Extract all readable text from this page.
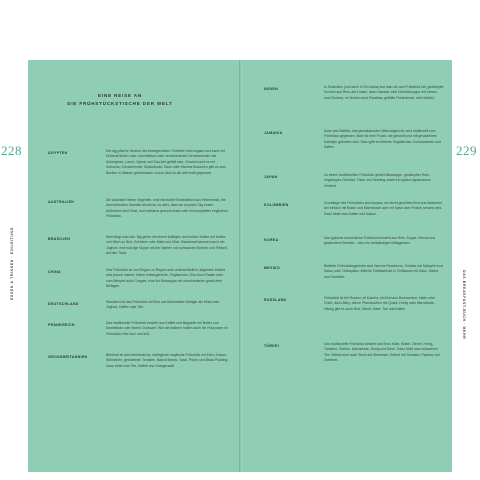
228	229
ESSEN & TRINKEN · EINLEITUNG
DAS BREAKFAST-BUCH · MEHR
EINE REISE AN
DIE FRÜHSTÜCKSTISCHE DER WELT
ÄGYPTEN	Der ägyptische Version des bewegendsten Omelette hold sogaen und kann mit Hülsenfrüchten oder Lammfleisch oder verschiedenen Gemüsesorten wie Auberginen, Lauch, Spinat und Zucchini gefüllt sein. Gewürzt wird es mit Kurkuma, Kreuzkümmel, Muskatnuss. Dazu oder frisches Brauchen gibt es zum Backen in Wasser geschlossen und so wird es als weit kraft gegessen.
AUSTRALIEN	Die Australier lieben Vegemite, eine herzhafte Brotaufstrich aus Hefeextrakt, die dem britischen Marmite ähnelt ist, es aber, dass sie es jeden Tag essen. Außerdem sind Obst, und meistens gesund essen sich ein komplettes englisches Frühstück.
BRASILIEN	Man fängt man den Tag gerne mit einem kräftigen und heißen Kaffee mit Kaffee und Milch zu Brot, Schinken oder Käse und Obst. Manchmal kommen auch ein Joghurt, eine würzige Suppe mit der Namen von schwarzen Bohnen und Fleisch, auf den Tisch.
CHINA	Das Frühstück ist von Region zu Region sehr unterschiedlich, allgemein beliebt sind jedoch warme, kleine Imbissgerichte, Teigtaschen, Dim-Sum-Fladen oder zum Beispiel auch Congee, eine Art Reissuppe mit verschiedenen gewürzten Beilagen.
DEUTSCHLAND	Wurstbrot ist das Frühstück mit Brot und Marmelade häufiger als Müsli oder Joghurt, Kaffee oder Tee.
FRANKREICH	Das traditionelle Frühstück besteht aus Kaffee und Baguette mit Butter und Marmelade oder einem Croissant. Wie die Italiener halten auch die Franzosen ihr Frühstück eher kurz und süß.
GROSSBRITANNIEN	Berühmt ist das bekömmliche, kräftigende englische Frühstück mit Eiern, Bacon, Würstchen, gebratenen Tomaten, Baked Beans, Toast, Pilzen und Black Pudding. Dazu trinkt man Tee, Kaffee und Orangensaft.
INDIEN	In Südindien (und auch in Sri Lanka) isst man oft zum Frühstück Idli, gedämpfte Kuchen aus Reis und Linsen, dazu Sambar, eine Gemüsesuppe mit Linsen, und Chutney. Im Norden sind Parathas, gefüllte Fladenbrote, sehr beliebt.
JAMAIKA	Akee und Saltfish, das jamaikanische Nationalgericht, wird traditionell zum Frühstück gegessen. Akee ist eine Frucht, die gekocht und mit gesalzenem Kabeljau gebraten wird. Dazu gibt es frittierte Teigbällchen, Kochbananen und Kaffee.
JAPAN	Zu einem traditionellen Frühstück gehört Misosuppe, gedämpfter Reis, eingelegtes Gemüse, Fisch und Seetang sowie ein typisch japanisches Omelett.
KOLUMBIEN	Grundlage des Frühstücks sind Arepas, ein leicht gesüßtes Brot aus Maismehl, der einfach mit Butter und Marmelade oder mit Käse oder Fleisch serviert wird. Dazu trinkt man Kaffee und Kakao.
KOREA	Das typische koreanische Frühstück besteht aus Reis, Suppe, Kimchi und gewürztem Gemüse – also ein vollständiges Mittagessen.
MEXIKO	Beliebte Frühstücksgerichte sind Huevos Rancheros, Tortillas mit Spiegelei und Salsa, oder Chilaquiles, frittierte Tortillastücke in Chilisauce mit Käse, Sahne und Zwiebeln.
RUSSLAND	Frühstück ist bei Russen oft Kascha, ein Brei aus Buchweizen, Hafer oder Grieß, dazu Bliny, dünne Pfannkuchen mit Quark, Honig oder Marmelade. Häufig gibt es auch Brot, Wurst, Käse, Tee und Kaffee.
TÜRKEI	Das traditionelle Frühstück besteht aus Brot, Käse, Butter, Oliven, Honig, Tomaten, Gurken, Marmelade, Honig und Eiern. Dazu trinkt man schwarzen Tee. Beliebt sind auch Simit und Menemen, Rührei mit Tomaten, Paprika und Zwiebeln.
